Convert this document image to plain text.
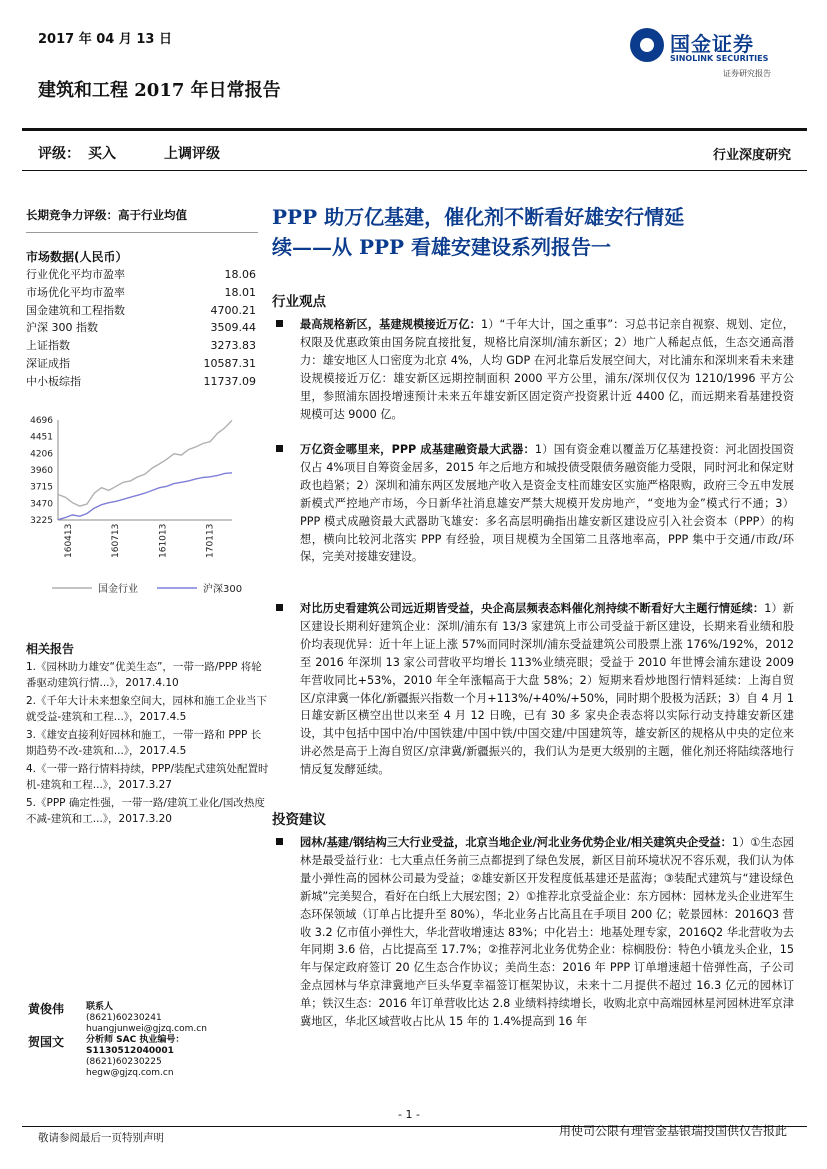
2017 年 04 月 13 日	国金证券
SINOLINK SECURITIES
证券研究报告
建筑和工程 2017 年日常报告
评级： 买入	上调评级	行业深度研究
长期竞争力评级：高于行业均值
市场数据(人民币）
行业优化平均市盈率	18.06
市场优化平均市盈率	18.01
国金建筑和工程指数	4700.21
沪深 300 指数	3509.44
上证指数	3273.83
深证成指	10587.31
中小板综指	11737.09
4696
4451
4206
3960
3715
3470
3225
160413	160713	161013	170113
国金行业	沪深300
相关报告

1.《园林助力雄安“优美生态”，一带一路/PPP 将轮番驱动建筑行情...》，2017.4.10

2.《千年大计未来想象空间大，园林和施工企业当下就受益-建筑和工程...》，2017.4.5

3.《雄安直接利好园林和施工，一带一路和 PPP 长期趋势不改-建筑和...》，2017.4.5

4.《一带一路行情料持续，PPP/装配式建筑处配置时机-建筑和工程...》，2017.3.27

5.《PPP 确定性强，一带一路/建筑工业化/国改热度不减-建筑和工...》，2017.3.20

黄俊伟 联系人
(8621)60230241
huangjunwei@gjzq.com.cn
贺国文 分析师 SAC 执业编号：S1130512040001
(8621)60230225
hegw@gjzq.com.cn
PPP 助万亿基建，催化剂不断看好雄安行情延
续——从 PPP 看雄安建设系列报告一
行业观点
最高规格新区，基建规模接近万亿：1）“千年大计，国之重事”：习总书记亲自视察、规划、定位，权限及优惠政策由国务院直接批复，规格比肩深圳/浦东新区；2）地广人稀起点低，生态交通高潜力：雄安地区人口密度为北京 4%，人均 GDP 在河北靠后发展空间大，对比浦东和深圳来看未来建设规模接近万亿：雄安新区远期控制面积 2000 平方公里，浦东/深圳仅仅为 1210/1996 平方公里，参照浦东固投增速预计未来五年雄安新区固定资产投资累计近 4400 亿，而远期来看基建投资规模可达 9000 亿。
万亿资金哪里来，PPP 成基建融资最大武器：1）国有资金难以覆盖万亿基建投资：河北固投国资仅占 4%项目自筹资金居多，2015 年之后地方和城投债受限债务融资能力受限，同时河北和保定财政也趋紧；2）深圳和浦东两区发展地产收入是资金支柱而雄安区实施严格限购，政府三令五申发展新模式严控地产市场，今日新华社消息雄安严禁大规模开发房地产，“变地为金”模式行不通；3）PPP 模式成融资最大武器助飞雄安：多名高层明确指出雄安新区建设应引入社会资本（PPP）的构想，横向比较河北落实 PPP 有经验，项目规模为全国第二且落地率高，PPP 集中于交通/市政/环保，完美对接雄安建设。
对比历史看建筑公司远近期皆受益，央企高层频表态料催化剂持续不断看好大主题行情延续：1）新区建设长期利好建筑企业：深圳/浦东有 13/3 家建筑上市公司受益于新区建设，长期来看业绩和股价均表现优异：近十年上证上涨 57%而同时深圳/浦东受益建筑公司股票上涨 176%/192%，2012 至 2016 年深圳 13 家公司营收平均增长 113%业绩亮眼；受益于 2010 年世博会浦东建设 2009 年营收同比+53%，2010 年全年涨幅高于大盘 58%；2）短期来看炒地图行情料延续：上海自贸区/京津冀一体化/新疆振兴指数一个月+113%/+40%/+50%，同时期个股极为活跃；3）自 4 月 1 日雄安新区横空出世以来至 4 月 12 日晚，已有 30 多 家央企表态将以实际行动支持雄安新区建设，其中包括中国中冶/中国铁建/中国中铁/中国交建/中国建筑等，雄安新区的规格从中央的定位来讲必然是高于上海自贸区/京津冀/新疆振兴的，我们认为是更大级别的主题，催化剂还将陆续落地行情反复发酵延续。
投资建议
园林/基建/钢结构三大行业受益，北京当地企业/河北业务优势企业/相关建筑央企受益：1）①生态园林是最受益行业：七大重点任务前三点都提到了绿色发展，新区目前环境状况不容乐观，我们认为体量小弹性高的园林公司最为受益；②雄安新区开发程度低基建还是蓝海；③装配式建筑与“建设绿色新城”完美契合，看好在白纸上大展宏图；2）①推荐北京受益企业：东方园林：园林龙头企业进军生态环保领域（订单占比提升至 80%），华北业务占比高且在手项目 200 亿；乾景园林：2016Q3 营收 3.2 亿市值小弹性大，华北营收增速达 83%；中化岩土：地基处理专家，2016Q2 华北营收为去年同期 3.6 倍，占比提高至 17.7%；②推荐河北业务优势企业：棕榈股份：特色小镇龙头企业，15 年与保定政府签订 20 亿生态合作协议；美尚生态：2016 年 PPP 订单增速超十倍弹性高，子公司金点园林与华京津冀地产巨头华夏幸福签订框架协议，未来十二月提供不超过 16.3 亿元的园林订单；铁汉生态：2016 年订单营收比达 2.8 业绩料持续增长，收购北京中高端园林星河园林进军京津冀地区，华北区域营收占比从 15 年的 1.4%提高到 16 年
- 1 -
敬请参阅最后一页特别声明	用使司公限有理管金基银瑞投国供仅告报此
